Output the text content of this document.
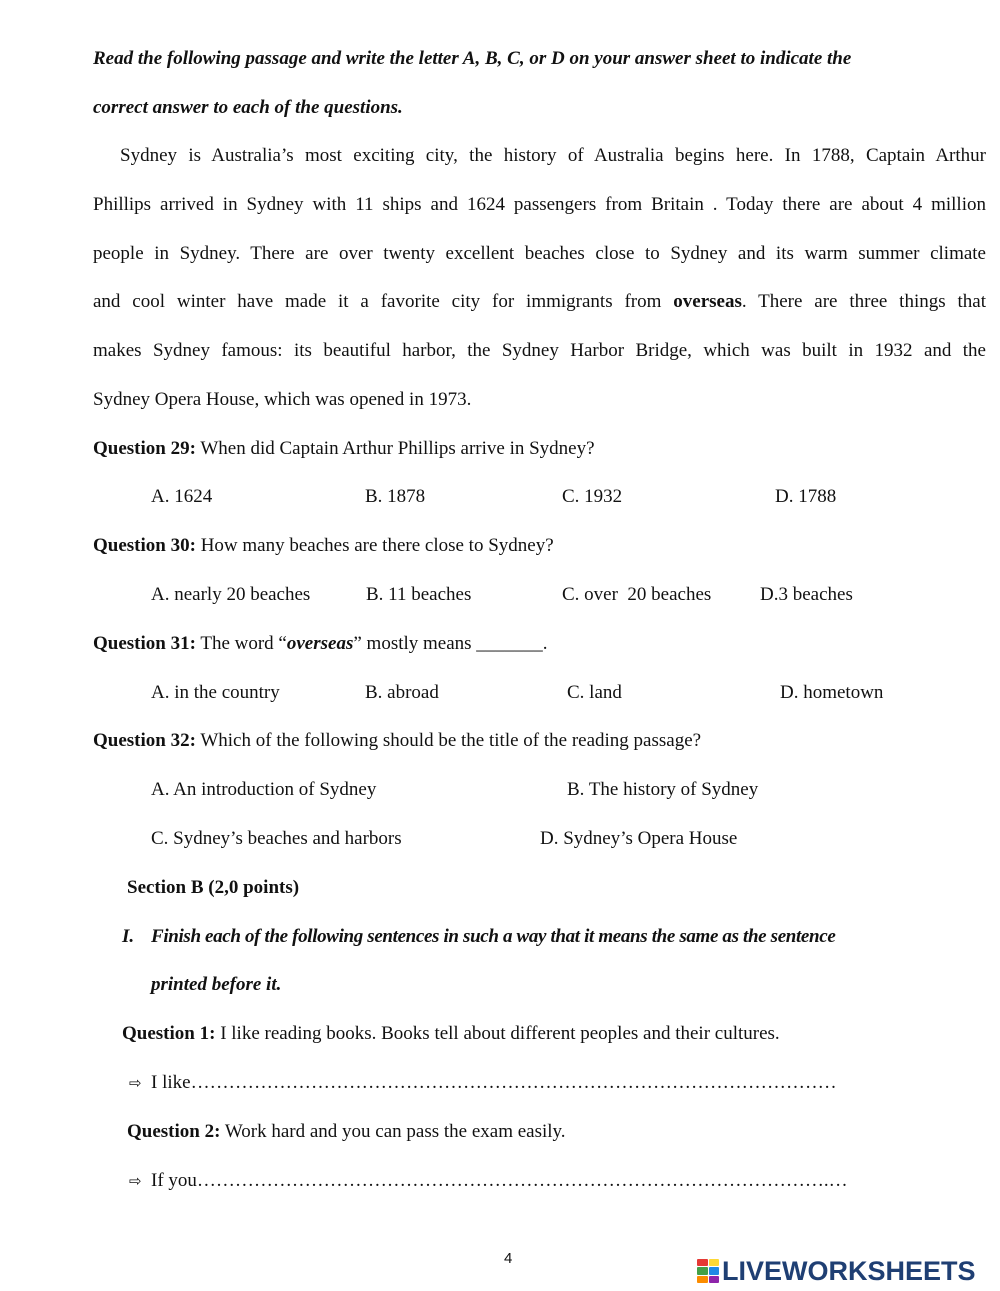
Read the following passage and write the letter A, B, C, or D on your answer sheet to indicate the
correct answer to each of the questions.
Sydney is Australia’s most exciting city, the history of Australia begins here. In 1788, Captain Arthur
Phillips arrived in Sydney with 11 ships and 1624 passengers from Britain . Today there are about 4 million
people in Sydney. There are over twenty excellent beaches close to Sydney and its warm summer climate
and cool winter have made it a favorite city for immigrants from overseas. There are three things that
makes Sydney famous: its beautiful harbor, the Sydney Harbor Bridge, which was built in 1932 and the
Sydney Opera House, which was opened in 1973.
Question 29: When did Captain Arthur Phillips arrive in Sydney?
A. 1624	B. 1878	C. 1932	D. 1788
Question 30: How many beaches are there close to Sydney?
A. nearly 20 beaches	B. 11 beaches	C. over  20 beaches	D.3 beaches
Question 31: The word “overseas” mostly means _______.
A. in the country	B. abroad	C. land	D. hometown
Question 32: Which of the following should be the title of the reading passage?
A. An introduction of Sydney	B. The history of Sydney
C. Sydney’s beaches and harbors	D. Sydney’s Opera House
Section B (2,0 points)
I. Finish each of the following sentences in such a way that it means the same as the sentence
printed before it.
Question 1: I like reading books. Books tell about different peoples and their cultures.
⇨ I like…………………………………………………………………………………………
Question 2: Work hard and you can pass the exam easily.
⇨ If you……………………………………………………………………………………….…
4	LIVEWORKSHEETS
